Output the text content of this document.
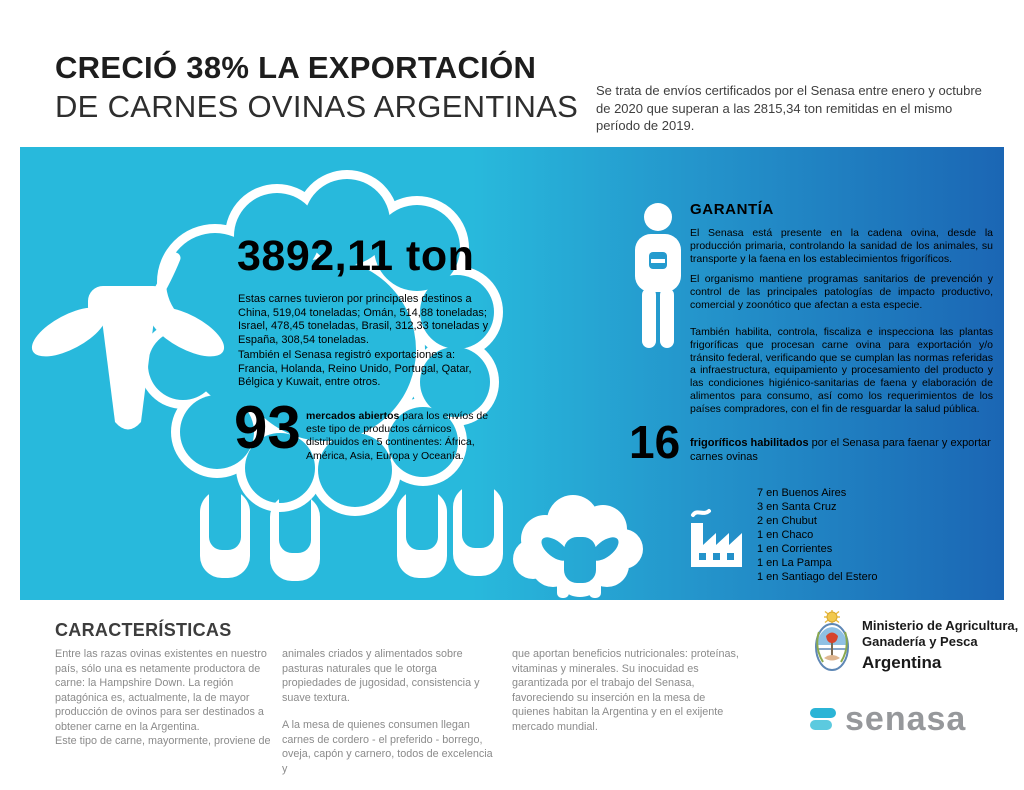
CRECIÓ 38% LA EXPORTACIÓN
DE CARNES OVINAS ARGENTINAS Se trata de envíos certificados por el Senasa entre enero y octubre de 2020 que superan a las 2815,34 ton remitidas en el mismo período de 2019.
3892,11 ton
Estas carnes tuvieron por principales destinos a China, 519,04 toneladas; Omán, 514,88 toneladas; Israel, 478,45 toneladas, Brasil, 312,33 toneladas y España, 308,54 toneladas.
También el Senasa registró exportaciones a: Francia, Holanda, Reino Unido, Portugal, Qatar, Bélgica y Kuwait, entre otros.
93 mercados abiertos para los envíos de este tipo de productos cárnicos distribuidos en 5 continentes: África, América, Asia, Europa y Oceanía.
GARANTÍA
El Senasa está presente en la cadena ovina, desde la producción primaria, controlando la sanidad de los animales, su transporte y la faena en los establecimientos frigoríficos.
El organismo mantiene programas sanitarios de prevención y control de las principales patologías de impacto productivo, comercial y zoonótico que afectan a esta especie.
También habilita, controla, fiscaliza e inspecciona las plantas frigoríficas que procesan carne ovina para exportación y/o tránsito federal, verificando que se cumplan las normas referidas a infraestructura, equipamiento y procesamiento del producto y las condiciones higiénico-sanitarias de faena y elaboración de alimentos para consumo, así como los requerimientos de los países compradores, con el fin de resguardar la salud pública.
16 frigoríficos habilitados por el Senasa para faenar y exportar carnes ovinas
7 en Buenos Aires
3 en Santa Cruz
2 en Chubut
1 en Chaco
1 en Corrientes
1 en La Pampa
1 en Santiago del Estero
CARACTERÍSTICAS

Entre las razas ovinas existentes en nuestro país, sólo una es netamente productora de carne: la Hampshire Down. La región patagónica es, actualmente, la de mayor producción de ovinos para ser destinados a obtener carne en la Argentina.

Este tipo de carne, mayormente, proviene de

animales criados y alimentados sobre pasturas naturales que le otorga propiedades de jugosidad, consistencia y suave textura.

A la mesa de quienes consumen llegan carnes de cordero - el preferido - borrego, oveja, capón y carnero, todos de excelencia y

que aportan beneficios nutricionales: proteínas, vitaminas y minerales. Su inocuidad es garantizada por el trabajo del Senasa, favoreciendo su inserción en la mesa de quienes habitan la Argentina y en el exijente mercado mundial.

Ministerio de Agricultura,
Ganadería y Pesca
Argentina
senasa
